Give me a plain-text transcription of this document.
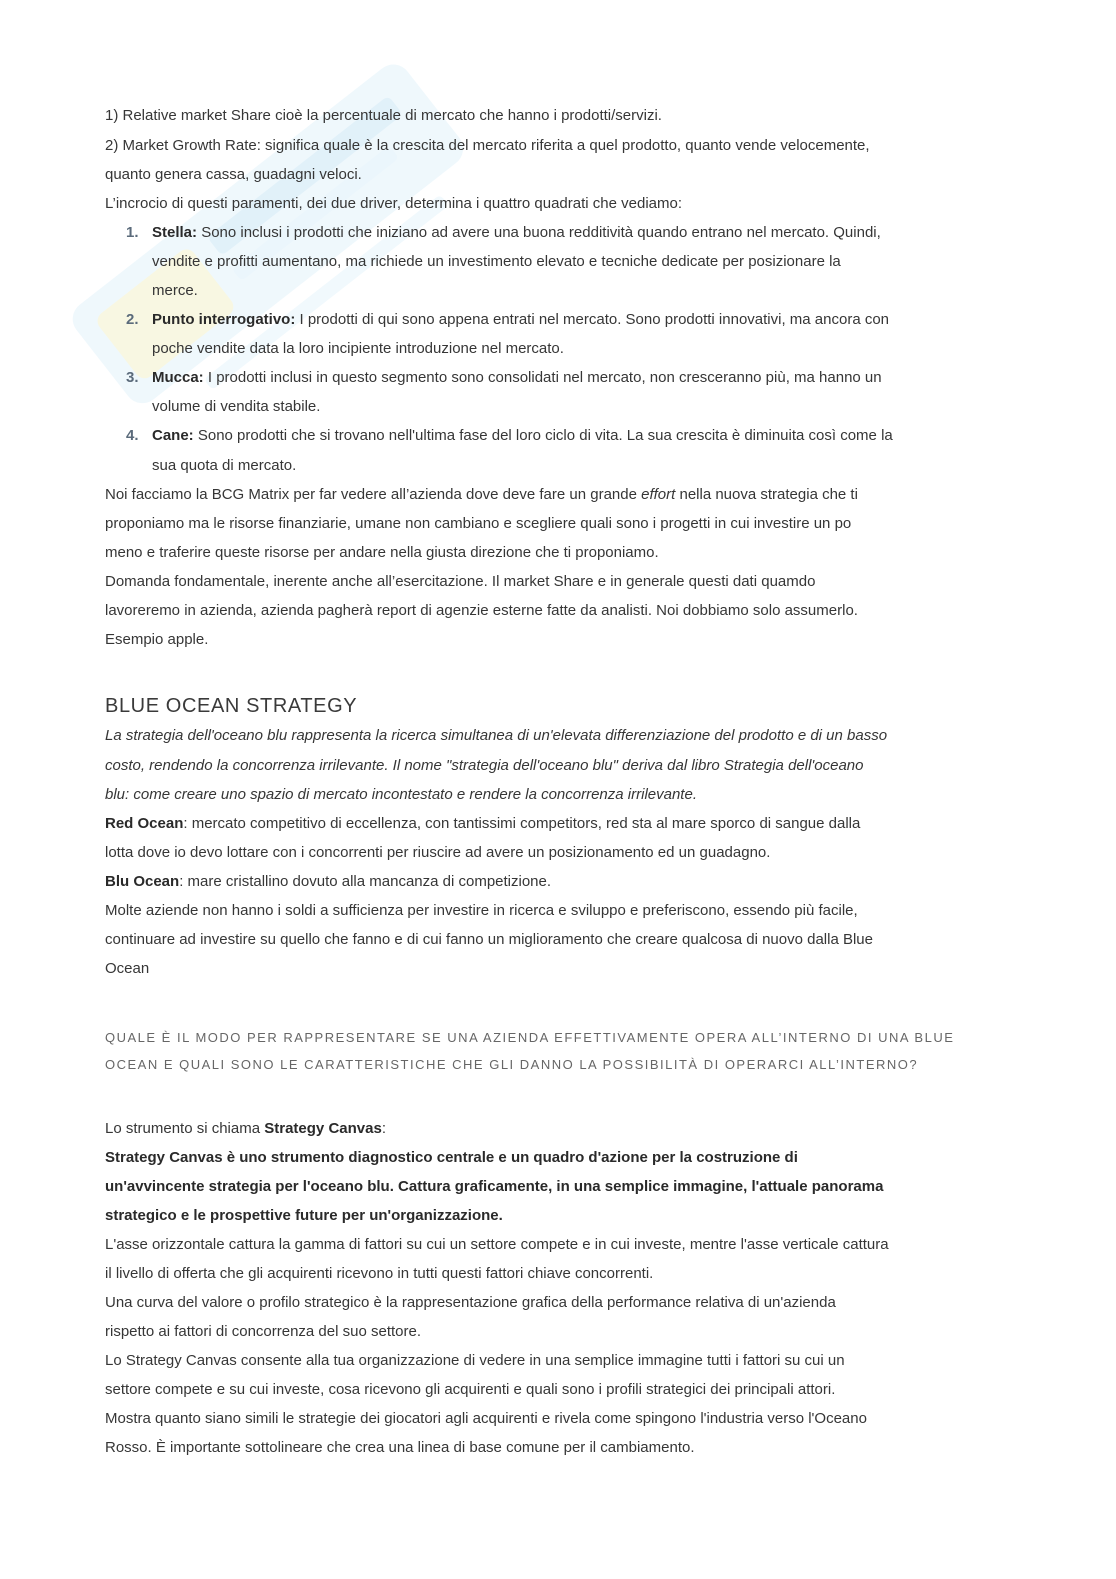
1) Relative market Share cioè la percentuale di mercato che hanno i prodotti/servizi.
2) Market Growth Rate: significa quale è la crescita del mercato riferita a quel prodotto, quanto vende velocemente,
quanto genera cassa, guadagni veloci.
L’incrocio di questi paramenti, dei due driver, determina i quattro quadrati che vediamo:
1. Stella: Sono inclusi i prodotti che iniziano ad avere una buona redditività quando entrano nel mercato. Quindi,
vendite e profitti aumentano, ma richiede un investimento elevato e tecniche dedicate per posizionare la
merce.
2. Punto interrogativo: I prodotti di qui sono appena entrati nel mercato. Sono prodotti innovativi, ma ancora con
poche vendite data la loro incipiente introduzione nel mercato.
3. Mucca: I prodotti inclusi in questo segmento sono consolidati nel mercato, non cresceranno più, ma hanno un
volume di vendita stabile.
4. Cane: Sono prodotti che si trovano nell'ultima fase del loro ciclo di vita. La sua crescita è diminuita così come la
sua quota di mercato.
Noi facciamo la BCG Matrix per far vedere all’azienda dove deve fare un grande effort nella nuova strategia che ti
proponiamo ma le risorse finanziarie, umane non cambiano e scegliere quali sono i progetti in cui investire un po
meno e traferire queste risorse per andare nella giusta direzione che ti proponiamo.
Domanda fondamentale, inerente anche all’esercitazione. Il market Share e in generale questi dati quamdo
lavoreremo in azienda, azienda pagherà report di agenzie esterne fatte da analisti. Noi dobbiamo solo assumerlo.
Esempio apple.
BLUE OCEAN STRATEGY
La strategia dell'oceano blu rappresenta la ricerca simultanea di un'elevata differenziazione del prodotto e di un basso
costo, rendendo la concorrenza irrilevante. Il nome "strategia dell'oceano blu" deriva dal libro Strategia dell'oceano
blu: come creare uno spazio di mercato incontestato e rendere la concorrenza irrilevante.
Red Ocean: mercato competitivo di eccellenza, con tantissimi competitors, red sta al mare sporco di sangue dalla
lotta dove io devo lottare con i concorrenti per riuscire ad avere un posizionamento ed un guadagno.
Blu Ocean: mare cristallino dovuto alla mancanza di competizione.
Molte aziende non hanno i soldi a sufficienza per investire in ricerca e sviluppo e preferiscono, essendo più facile,
continuare ad investire su quello che fanno e di cui fanno un miglioramento che creare qualcosa di nuovo dalla Blue
Ocean
QUALE È IL MODO PER RAPPRESENTARE SE UNA AZIENDA EFFETTIVAMENTE OPERA ALL’INTERNO DI UNA BLUE
OCEAN E QUALI SONO LE CARATTERISTICHE CHE GLI DANNO LA POSSIBILITÀ DI OPERARCI ALL’INTERNO?
Lo strumento si chiama Strategy Canvas:
Strategy Canvas è uno strumento diagnostico centrale e un quadro d'azione per la costruzione di
un'avvincente strategia per l'oceano blu. Cattura graficamente, in una semplice immagine, l'attuale panorama
strategico e le prospettive future per un'organizzazione.
L'asse orizzontale cattura la gamma di fattori su cui un settore compete e in cui investe, mentre l'asse verticale cattura
il livello di offerta che gli acquirenti ricevono in tutti questi fattori chiave concorrenti.
Una curva del valore o profilo strategico è la rappresentazione grafica della performance relativa di un'azienda
rispetto ai fattori di concorrenza del suo settore.
Lo Strategy Canvas consente alla tua organizzazione di vedere in una semplice immagine tutti i fattori su cui un
settore compete e su cui investe, cosa ricevono gli acquirenti e quali sono i profili strategici dei principali attori.
Mostra quanto siano simili le strategie dei giocatori agli acquirenti e rivela come spingono l'industria verso l'Oceano
Rosso. È importante sottolineare che crea una linea di base comune per il cambiamento.
